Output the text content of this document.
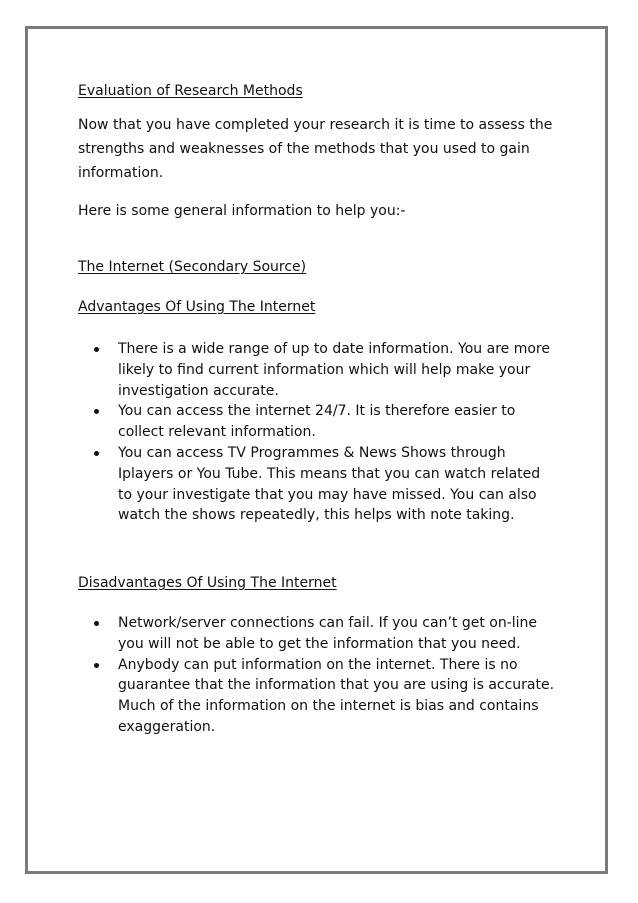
Evaluation of Research Methods

Now that you have completed your research it is time to assess the strengths and weaknesses of the methods that you used to gain information.

Here is some general information to help you:-

The Internet (Secondary Source)
Advantages Of Using The Internet
There is a wide range of up to date information. You are more likely to find current information which will help make your investigation accurate.
You can access the internet 24/7. It is therefore easier to collect relevant information.
You can access TV Programmes & News Shows through Iplayers or You Tube. This means that you can watch related to your investigate that you may have missed. You can also watch the shows repeatedly, this helps with note taking.
Disadvantages Of Using The Internet
Network/server connections can fail. If you can’t get on-line you will not be able to get the information that you need.
Anybody can put information on the internet. There is no guarantee that the information that you are using is accurate. Much of the information on the internet is bias and contains exaggeration.
